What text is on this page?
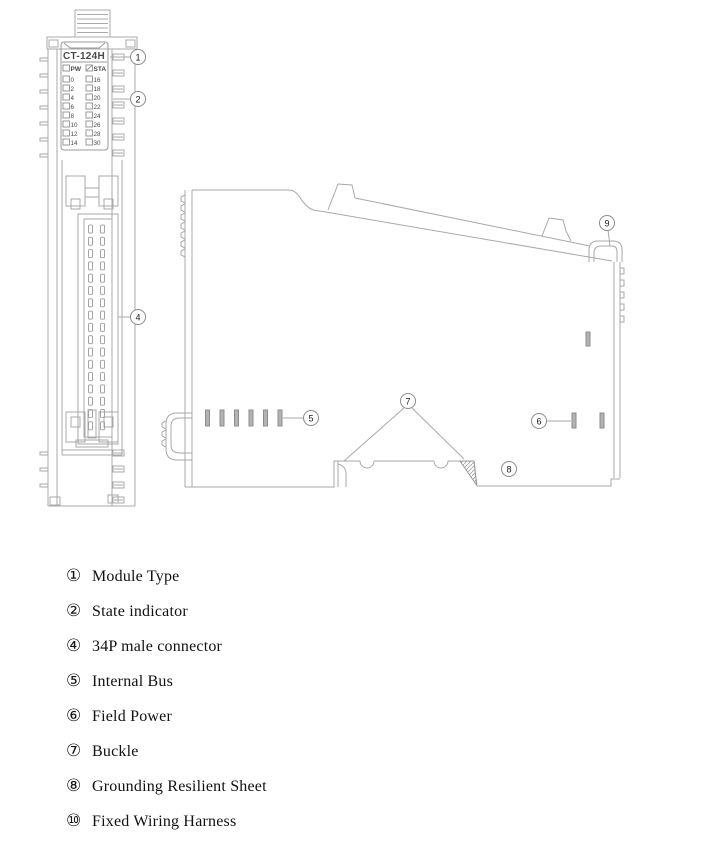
CT-124H
PW STA
0	16
2	18
4	20
6	22
8	24
10	26
12	28
14	30
1
2
4
5	6
7
8
9
① Module Type
② State indicator
④ 34P male connector
⑤ Internal Bus
⑥ Field Power
⑦ Buckle
⑧ Grounding Resilient Sheet
⑩ Fixed Wiring Harness
